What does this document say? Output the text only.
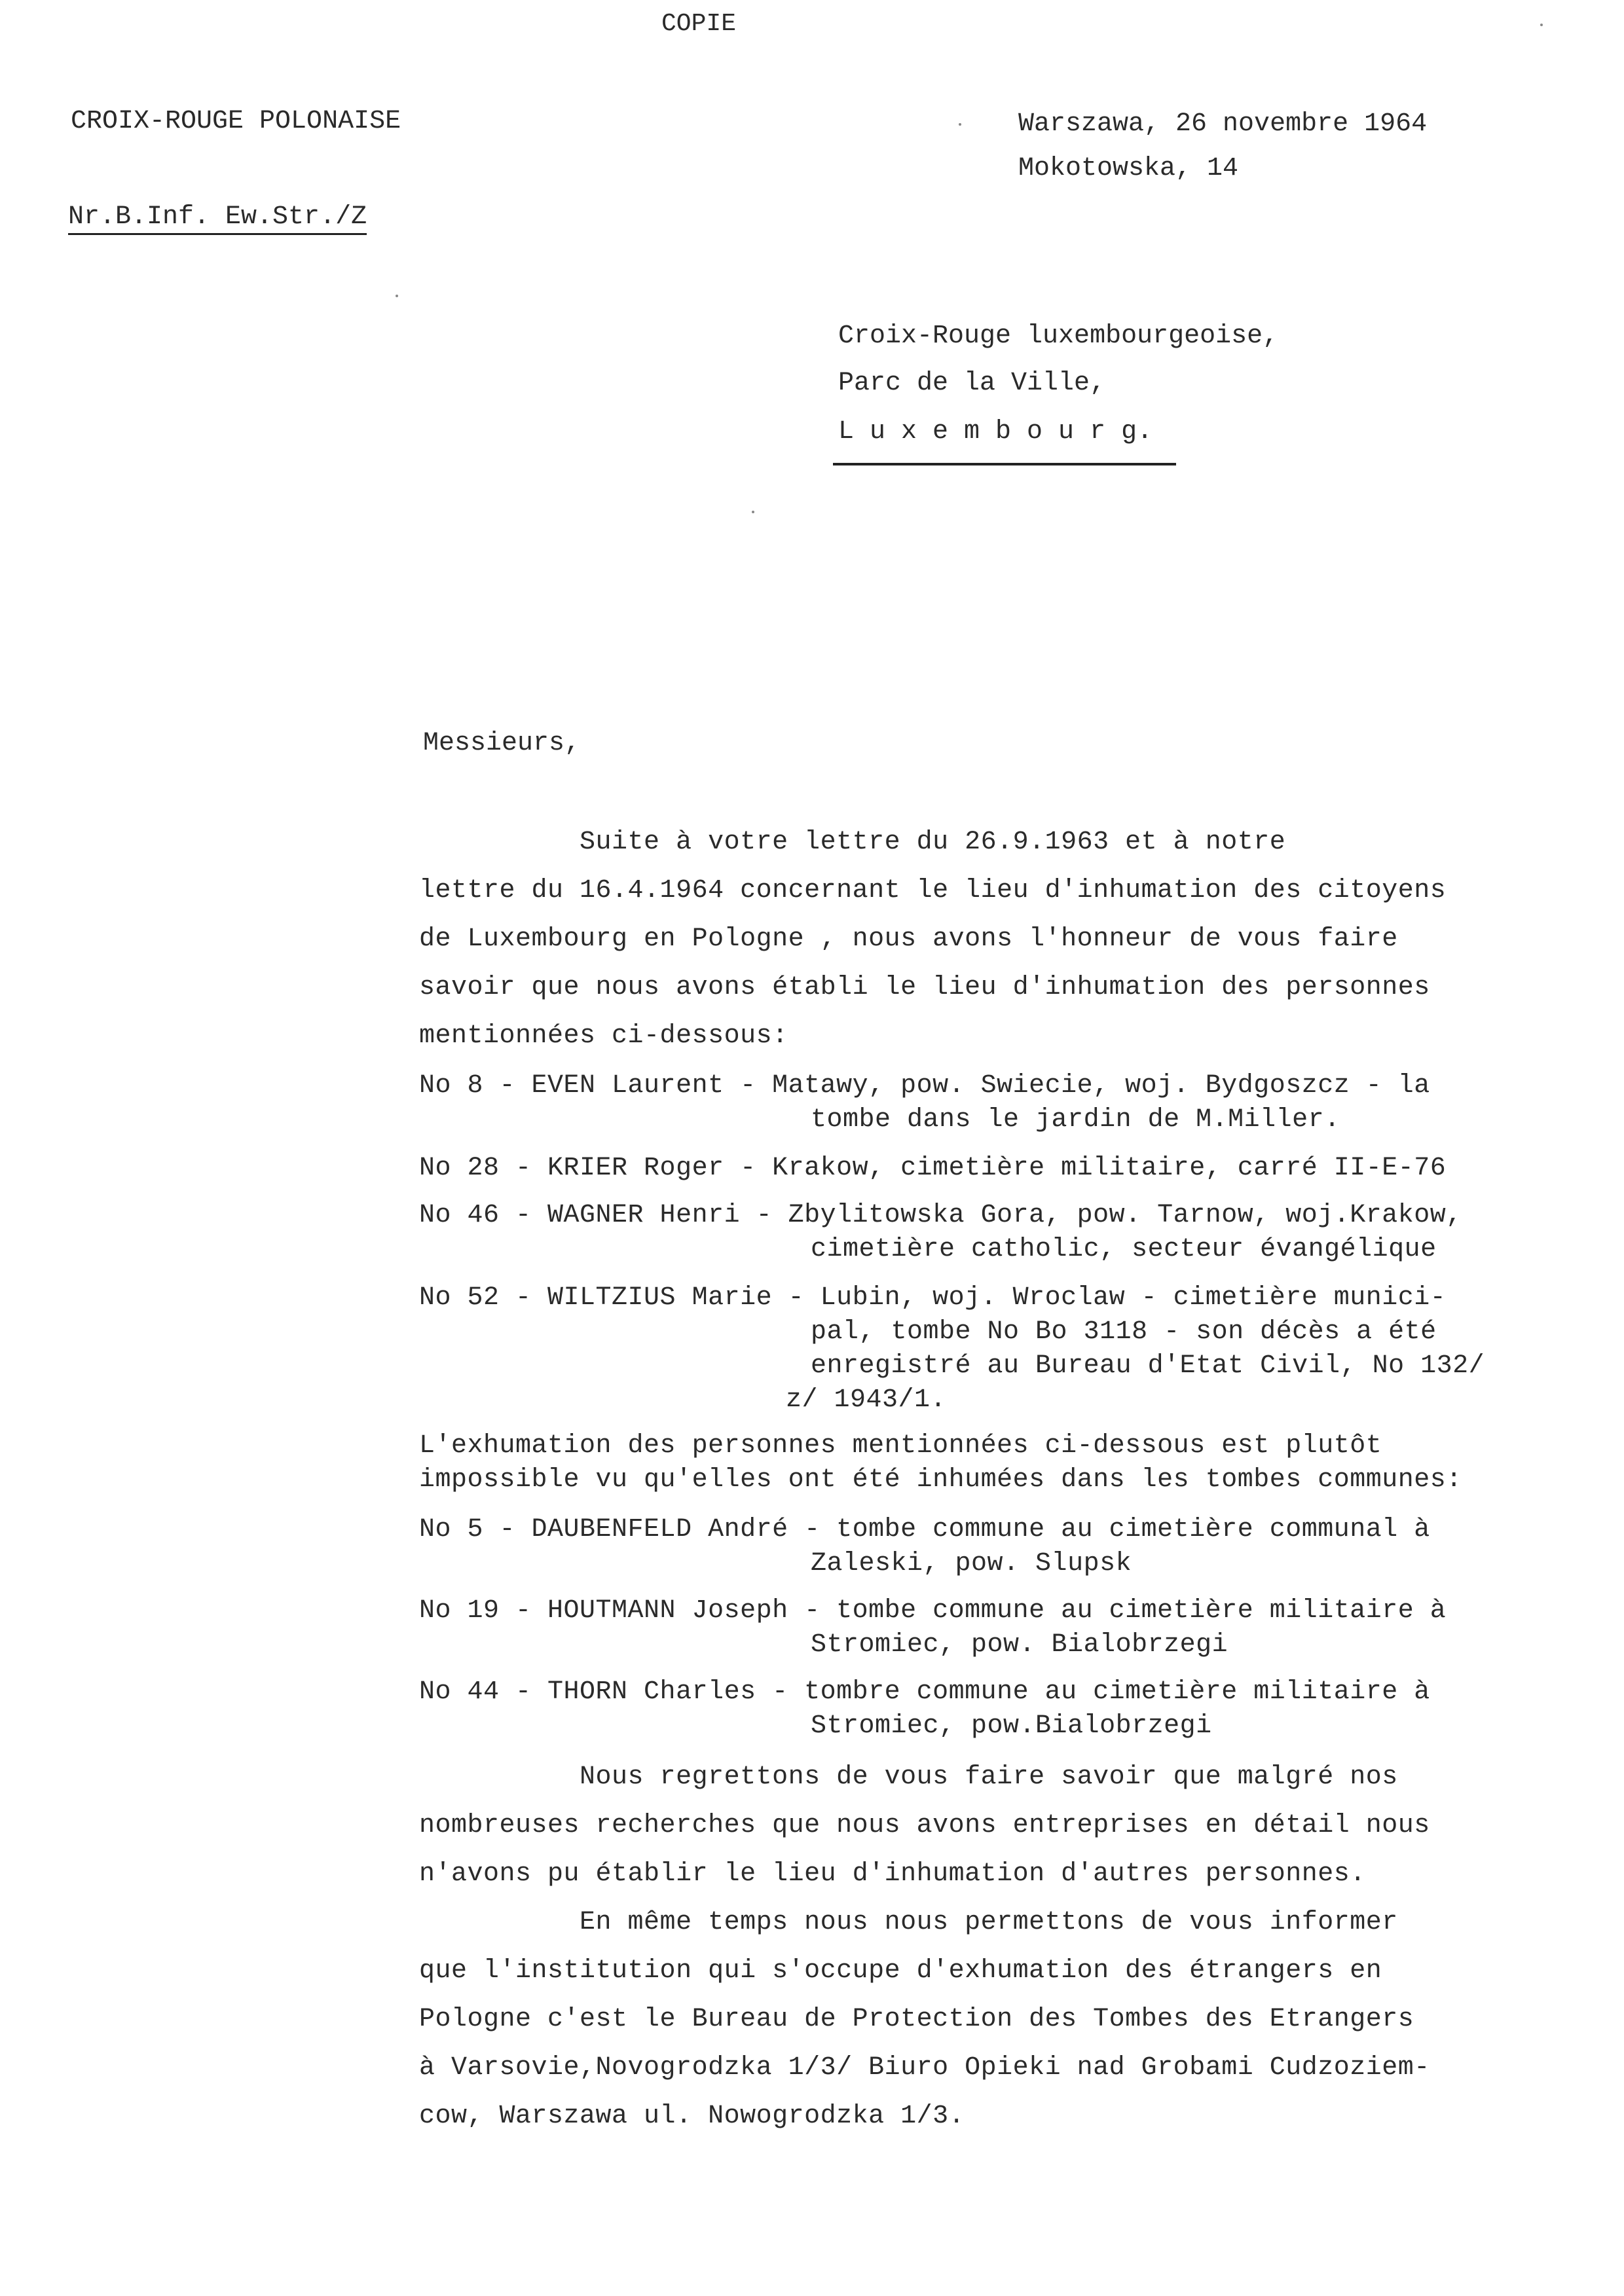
COPIE
CROIX-ROUGE POLONAISE
Nr.B.Inf. Ew.Str./Z
Warszawa, 26 novembre 1964
Mokotowska, 14
Croix-Rouge luxembourgeoise,
Parc de la Ville,
L u x e m b o u r g.
Messieurs,
Suite à votre lettre du 26.9.1963 et à notre
lettre du 16.4.1964 concernant le lieu d'inhumation des citoyens
de Luxembourg en Pologne , nous avons l'honneur de vous faire
savoir que nous avons établi le lieu d'inhumation des personnes
mentionnées ci-dessous:
No 8 - EVEN Laurent - Matawy, pow. Swiecie, woj. Bydgoszcz - la
tombe dans le jardin de M.Miller.
No 28 - KRIER Roger - Krakow, cimetière militaire, carré II-E-76
No 46 - WAGNER Henri - Zbylitowska Gora, pow. Tarnow, woj.Krakow,
cimetière catholic, secteur évangélique
No 52 - WILTZIUS Marie - Lubin, woj. Wroclaw - cimetière munici-
pal, tombe No Bo 3118 - son décès a été
enregistré au Bureau d'Etat Civil, No 132/
z/ 1943/1.
L'exhumation des personnes mentionnées ci-dessous est plutôt
impossible vu qu'elles ont été inhumées dans les tombes communes:
No 5 - DAUBENFELD André - tombe commune au cimetière communal à
Zaleski, pow. Slupsk
No 19 - HOUTMANN Joseph - tombe commune au cimetière militaire à
Stromiec, pow. Bialobrzegi
No 44 - THORN Charles - tombre commune au cimetière militaire à
Stromiec, pow.Bialobrzegi
Nous regrettons de vous faire savoir que malgré nos
nombreuses recherches que nous avons entreprises en détail nous
n'avons pu établir le lieu d'inhumation d'autres personnes.
En même temps nous nous permettons de vous informer
que l'institution qui s'occupe d'exhumation des étrangers en
Pologne c'est le Bureau de Protection des Tombes des Etrangers
à Varsovie,Novogrodzka 1/3/ Biuro Opieki nad Grobami Cudzoziem-
cow, Warszawa ul. Nowogrodzka 1/3.
